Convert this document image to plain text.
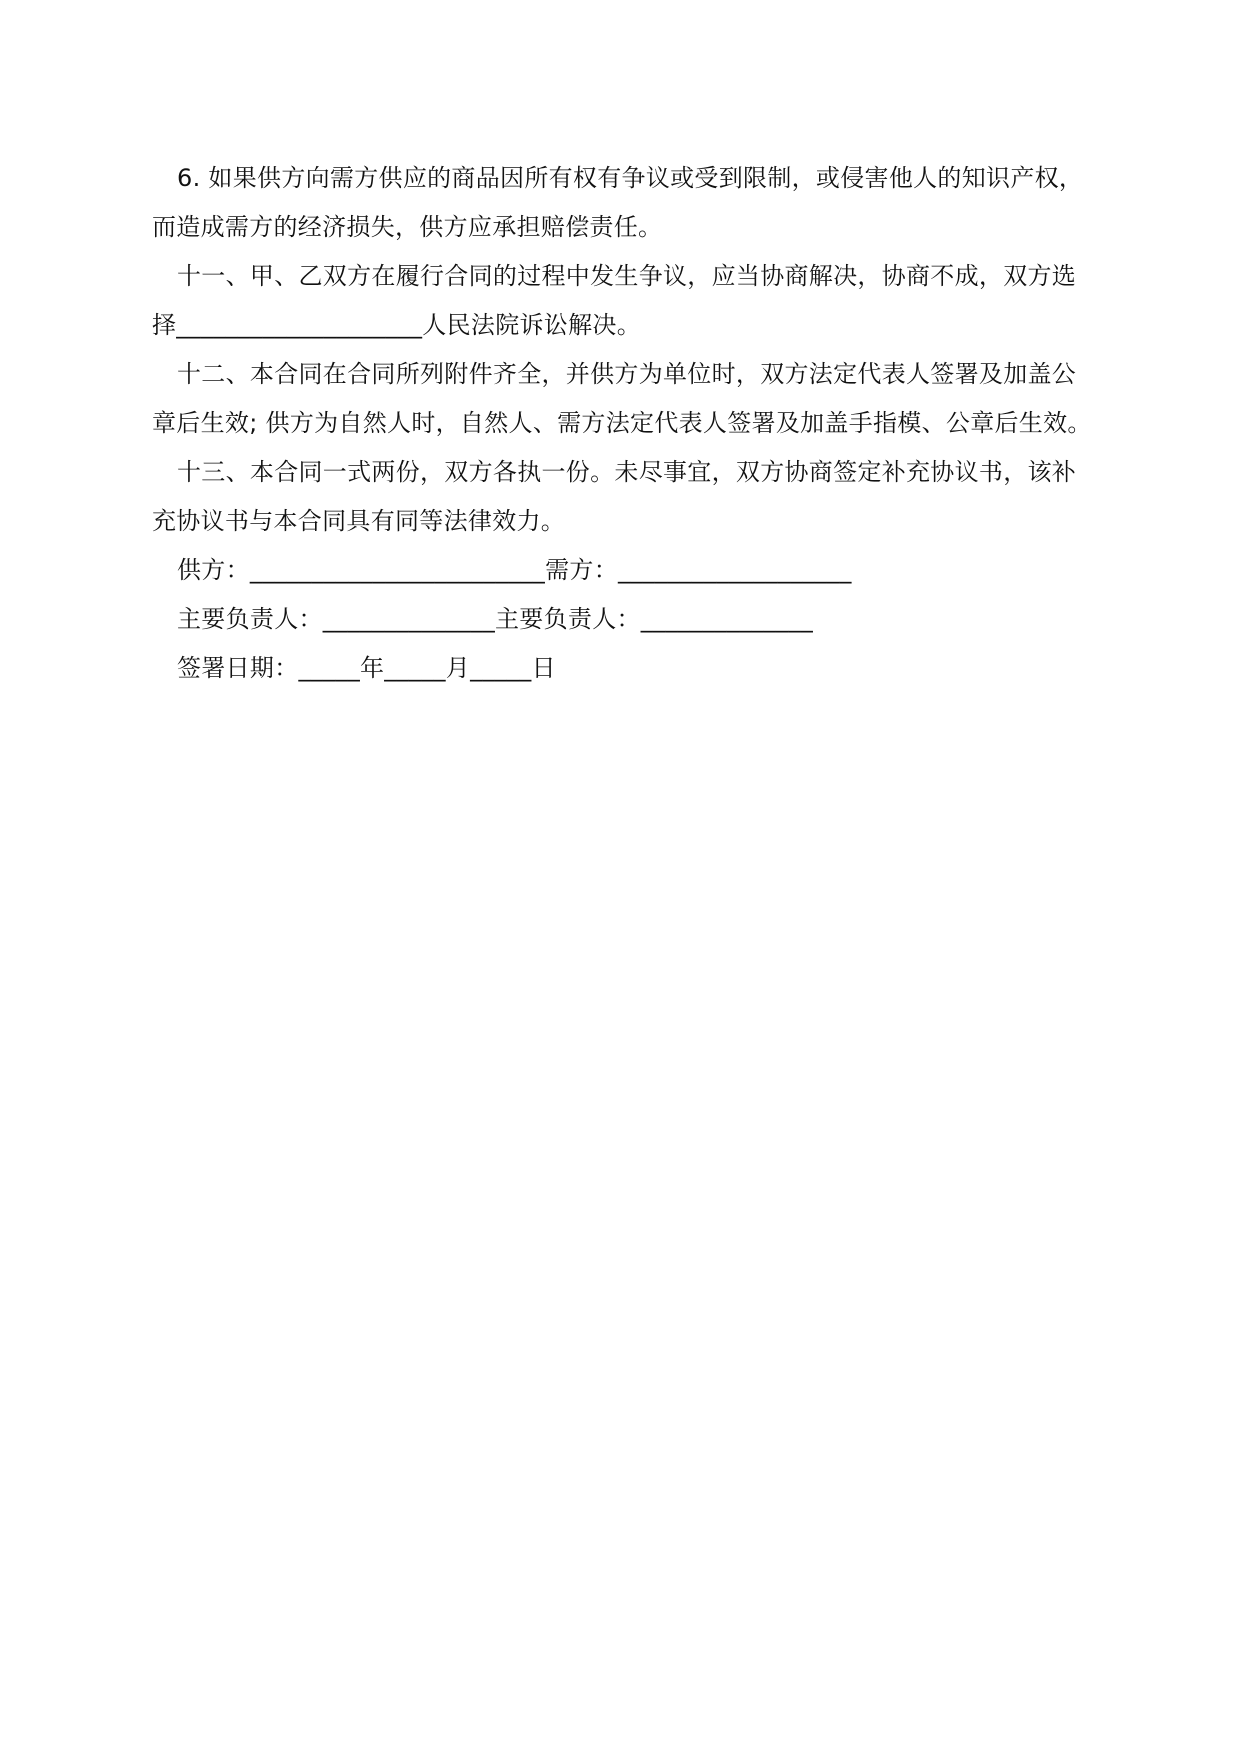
6. 如果供方向需方供应的商品因所有权有争议或受到限制，或侵害他人的知识产权，而造成需方的经济损失，供方应承担赔偿责任。

十一、甲、乙双方在履行合同的过程中发生争议，应当协商解决，协商不成，双方选择____________________人民法院诉讼解决。

十二、本合同在合同所列附件齐全，并供方为单位时，双方法定代表人签署及加盖公章后生效; 供方为自然人时，自然人、需方法定代表人签署及加盖手指模、公章后生效。

十三、本合同一式两份，双方各执一份。未尽事宜，双方协商签定补充协议书，该补充协议书与本合同具有同等法律效力。

供方：________________________需方：___________________

主要负责人：______________主要负责人：______________

签署日期：_____年_____月_____日
